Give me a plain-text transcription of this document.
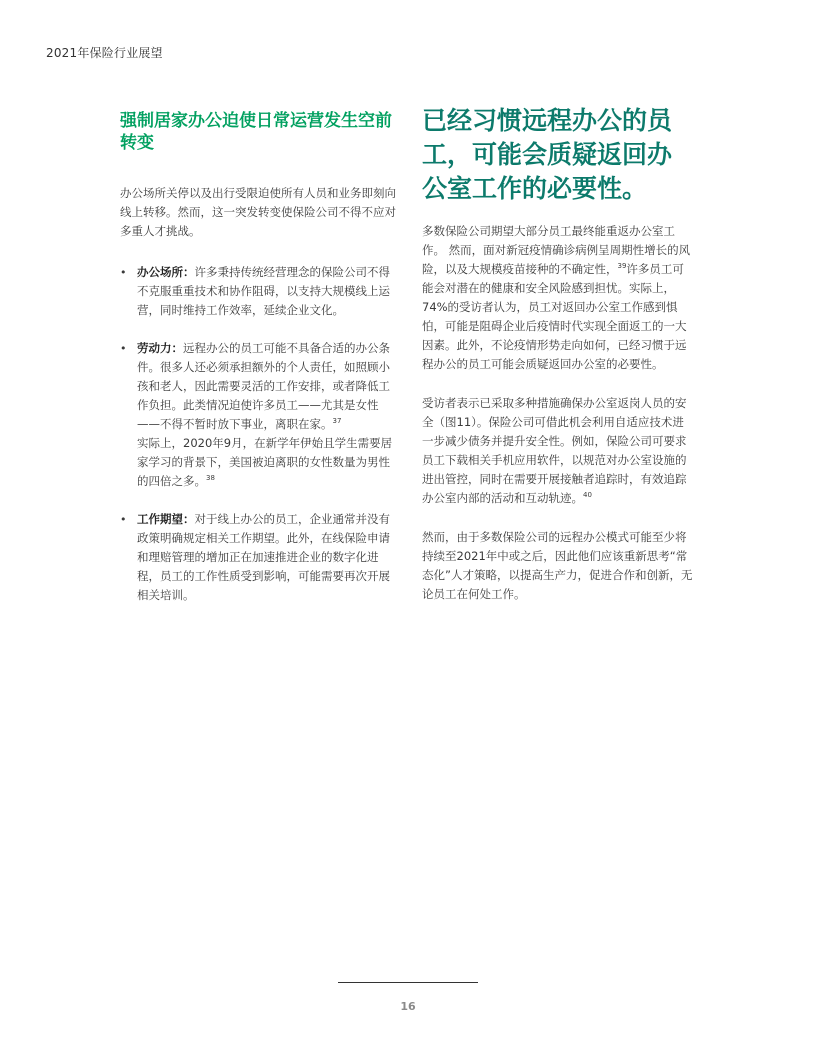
2021年保险行业展望
强制居家办公迫使日常运营发生空前转变

办公场所关停以及出行受限迫使所有人员和业务即刻向线上转移。然而，这一突发转变使保险公司不得不应对多重人才挑战。

• 办公场所：许多秉持传统经营理念的保险公司不得不克服重重技术和协作阻碍，以支持大规模线上运营，同时维持工作效率，延续企业文化。
• 劳动力：远程办公的员工可能不具备合适的办公条件。很多人还必须承担额外的个人责任，如照顾小孩和老人，因此需要灵活的工作安排，或者降低工作负担。此类情况迫使许多员工——尤其是女性——不得不暂时放下事业，离职在家。$^{37}$
实际上，2020年9月，在新学年伊始且学生需要居家学习的背景下，美国被迫离职的女性数量为男性的四倍之多。$^{38}$
• 工作期望：对于线上办公的员工，企业通常并没有政策明确规定相关工作期望。此外，在线保险申请和理赔管理的增加正在加速推进企业的数字化进程，员工的工作性质受到影响，可能需要再次开展相关培训。
已经习惯远程办公的员工，可能会质疑返回办公室工作的必要性。

多数保险公司期望大部分员工最终能重返办公室工作。 然而，面对新冠疫情确诊病例呈周期性增长的风险，以及大规模疫苗接种的不确定性，$^{39}$许多员工可能会对潜在的健康和安全风险感到担忧。实际上，74%的受访者认为，员工对返回办公室工作感到惧怕，可能是阻碍企业后疫情时代实现全面返工的一大因素。此外，不论疫情形势走向如何，已经习惯于远程办公的员工可能会质疑返回办公室的必要性。

受访者表示已采取多种措施确保办公室返岗人员的安全（图11）。保险公司可借此机会利用自适应技术进一步减少债务并提升安全性。例如，保险公司可要求员工下载相关手机应用软件，以规范对办公室设施的进出管控，同时在需要开展接触者追踪时，有效追踪办公室内部的活动和互动轨迹。$^{40}$

然而，由于多数保险公司的远程办公模式可能至少将持续至2021年中或之后，因此他们应该重新思考“常态化”人才策略，以提高生产力，促进合作和创新，无论员工在何处工作。

16
